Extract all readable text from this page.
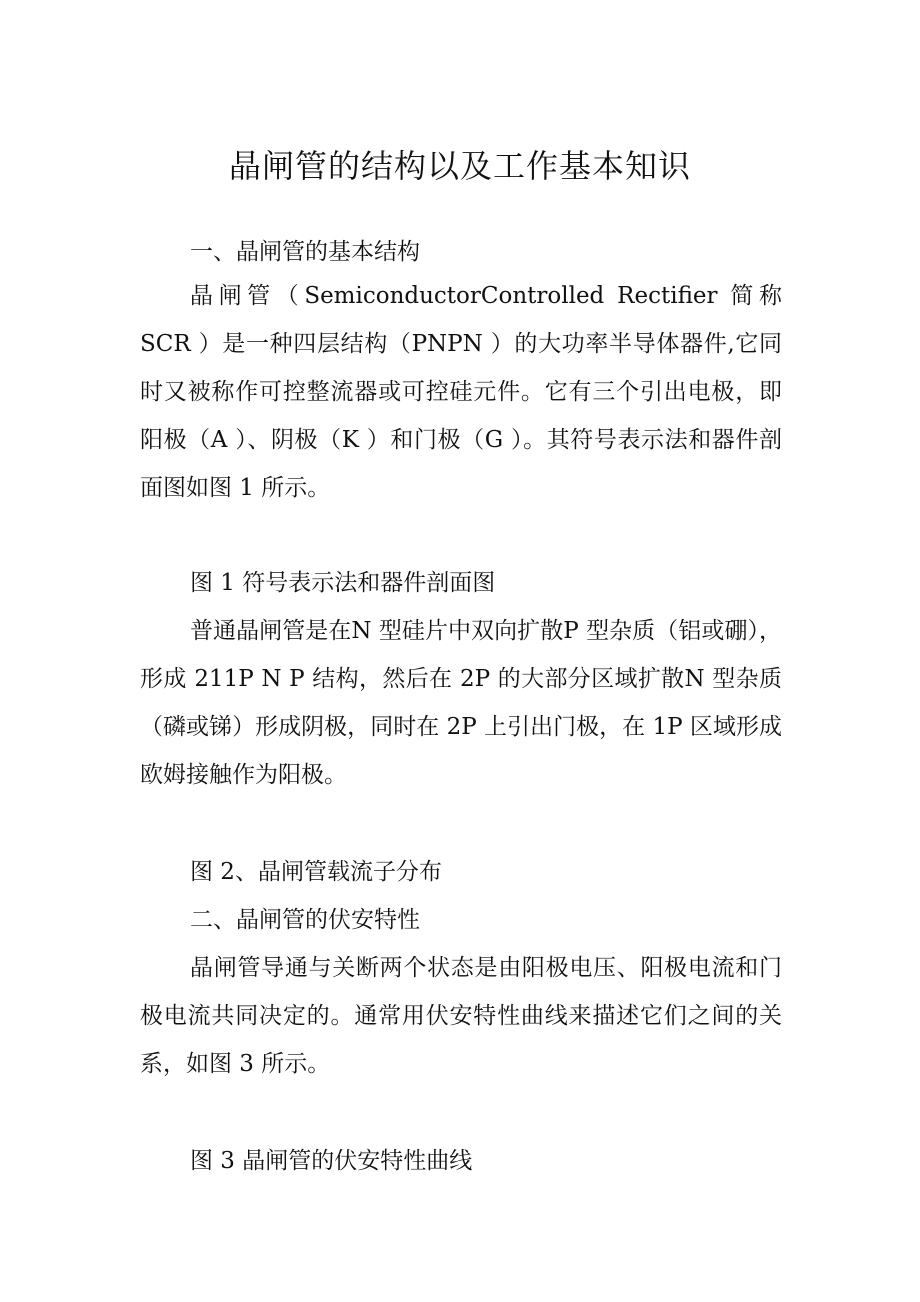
晶闸管的结构以及工作基本知识

一、晶闸管的基本结构

晶闸管（SemiconductorControlled Rectifier 简称SCR ）是一种四层结构（PNPN ）的大功率半导体器件,它同时又被称作可控整流器或可控硅元件。它有三个引出电极，即阳极（A ）、阴极（K ）和门极（G ）。其符号表示法和器件剖面图如图 1 所示。

图 1 符号表示法和器件剖面图

普通晶闸管是在N 型硅片中双向扩散P 型杂质（铝或硼），形成 211P N P 结构，然后在 2P 的大部分区域扩散N 型杂质（磷或锑）形成阴极，同时在 2P 上引出门极，在 1P 区域形成欧姆接触作为阳极。

图 2、晶闸管载流子分布

二、晶闸管的伏安特性

晶闸管导通与关断两个状态是由阳极电压、阳极电流和门极电流共同决定的。通常用伏安特性曲线来描述它们之间的关系，如图 3 所示。

图 3 晶闸管的伏安特性曲线
